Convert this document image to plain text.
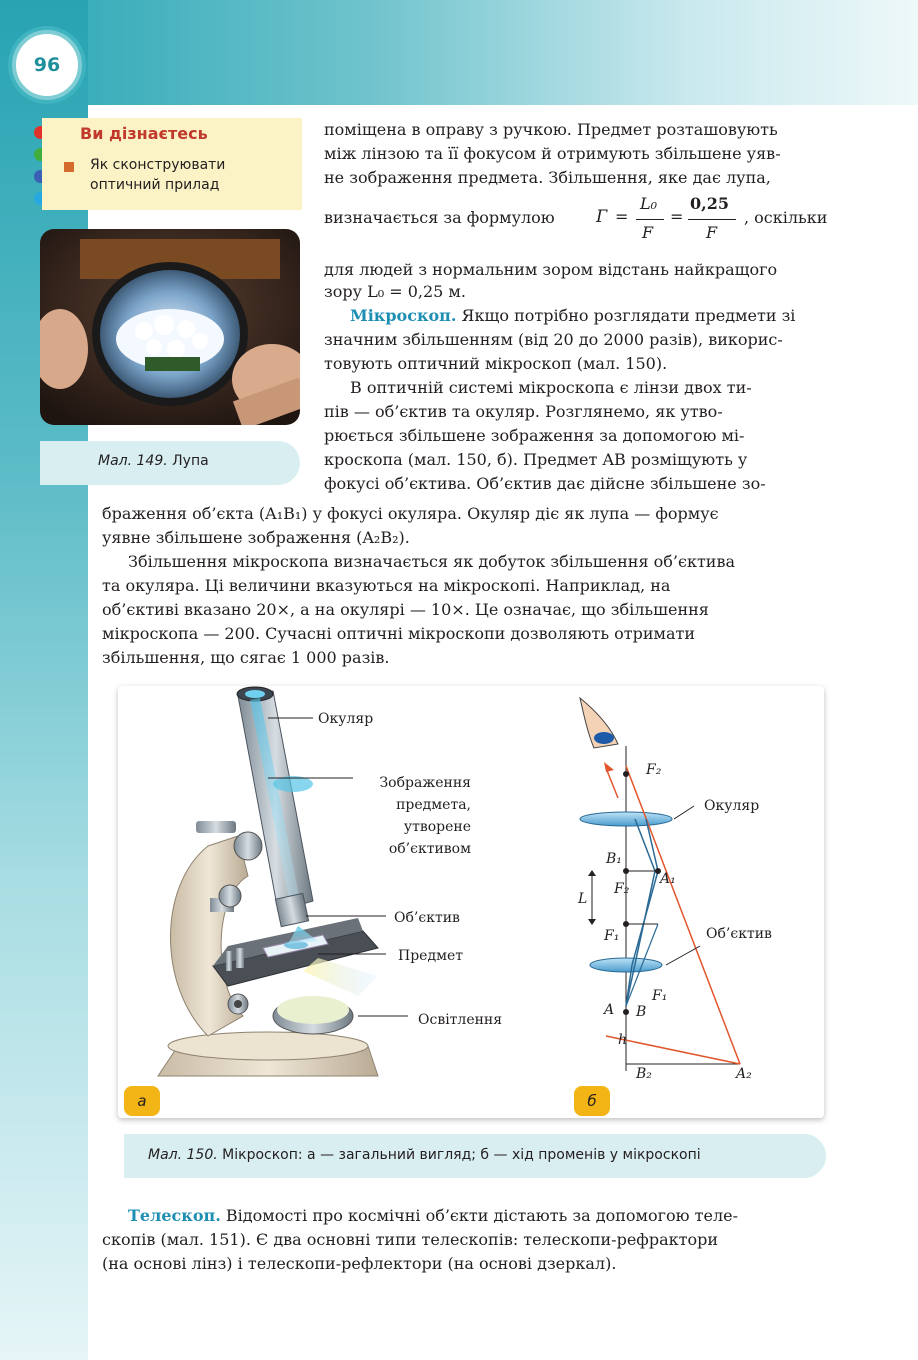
96
Ви дізнаєтесь

Як сконструювати оптичний прилад

Мал. 149. Лупа

поміщена в оправу з ручкою. Предмет розташовують

між лінзою та її фокусом й отримують збільшене уяв-

не зображення предмета. Збільшення, яке дає лупа,

визначається за формулою Г =
L₀
F
=
0,25
F
, оскільки

для людей з нормальним зором відстань найкращого

зору L₀ = 0,25 м.

Мікроскоп. Якщо потрібно розглядати предмети зі

значним збільшенням (від 20 до 2000 разів), викорис-

товують оптичний мікроскоп (мал. 150).

В оптичній системі мікроскопа є лінзи двох ти-

пів — об’єктив та окуляр. Розглянемо, як утво-

рюється збільшене зображення за допомогою мі-

кроскопа (мал. 150, б). Предмет AB розміщують у

фокусі об’єктива. Об’єктив дає дійсне збільшене зо-

браження об’єкта (A₁B₁) у фокусі окуляра. Окуляр діє як лупа — формує

уявне збільшене зображення (A₂B₂).

Збільшення мікроскопа визначається як добуток збільшення об’єктива

та окуляра. Ці величини вказуються на мікроскопі. Наприклад, на

об’єктиві вказано 20×, а на окулярі — 10×. Це означає, що збільшення

мікроскопа — 200. Сучасні оптичні мікроскопи дозволяють отримати

збільшення, що сягає 1 000 разів.

Окуляр
Зображення
предмета,
утворене
об’єктивом
Об’єктив
Предмет
Освітлення
F₂
Окуляр
B₁
A₁
F₂
L
F₁	Об’єктив
F₁
A B
h
B₂	A₂
а	б
Мал. 150. Мікроскоп: а — загальний вигляд; б — хід променів у мікроскопі

Телескоп. Відомості про космічні об’єкти дістають за допомогою теле-

скопів (мал. 151). Є два основні типи телескопів: телескопи-рефрактори

(на основі лінз) і телескопи-рефлектори (на основі дзеркал).
